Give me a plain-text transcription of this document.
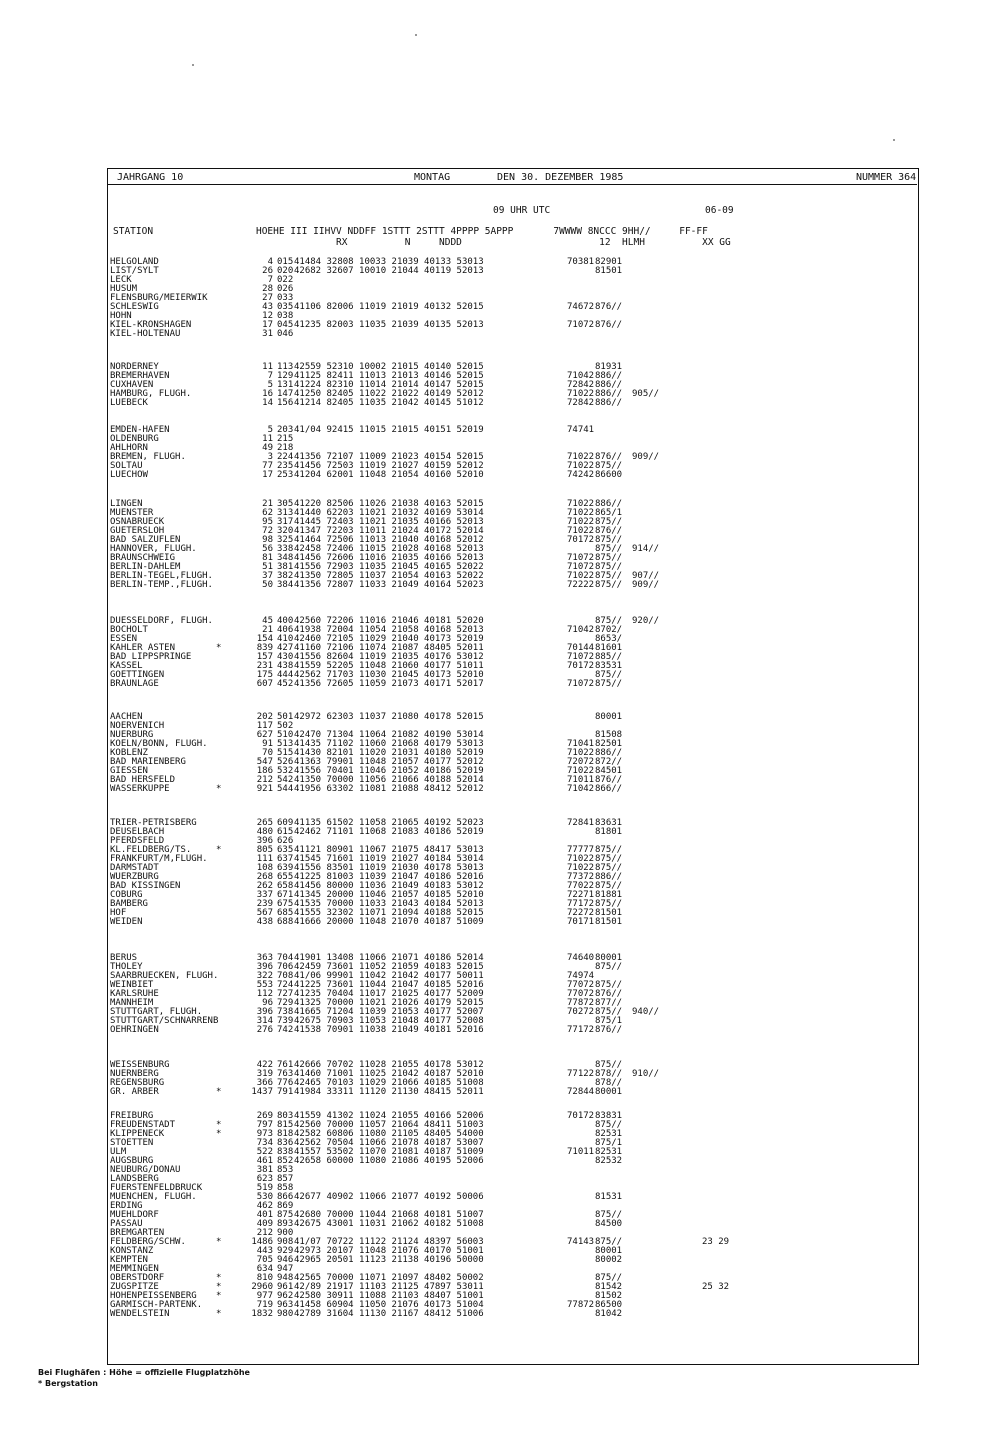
JAHRGANG 10	MONTAG	DEN 30. DEZEMBER 1985	NUMMER 364
09 UHR UTC	06-09
STATION                  HOEHE III IIHVV NDDFF 1STTT 2STTT 4PPPP 5APPP       7WWWW 8NCCC 9HH//     FF-FF
RX          N     NDDD                        12  HLMH          XX GG
HELGOLAND	4 015 41484 32808 10033 21039 40133 53013	70381 82901
LIST/SYLT	26 020 42682 32607 10010 21044 40119 52013	81501
LECK	7 022
HUSUM	28 026
FLENSBURG/MEIERWIK	27 033
SCHLESWIG	43 035 41106 82006 11019 21019 40132 52015	74672 876//
HOHN	12 038
KIEL-KRONSHAGEN	17 045 41235 82003 11035 21039 40135 52013	71072 876//
KIEL-HOLTENAU	31 046
NORDERNEY	11 113 42559 52310 10002 21015 40140 52015	81931
BREMERHAVEN	7 129 41125 82411 11013 21013 40146 52015	71042 886//
CUXHAVEN	5 131 41224 82310 11014 21014 40147 52015	72842 886//
HAMBURG, FLUGH.	16 147 41250 82405 11022 21022 40149 52012	71022 886// 905//
LUEBECK	14 156 41214 82405 11035 21042 40145 51012	72842 886//
EMDEN-HAFEN	5 203 41/04 92415 11015 21015 40151 52019	74741
OLDENBURG	11 215
AHLHORN	49 218
BREMEN, FLUGH.	3 224 41356 72107 11009 21023 40154 52015	71022 876// 909//
SOLTAU	77 235 41456 72503 11019 21027 40159 52012	71022 875//
LUECHOW	17 253 41204 62001 11048 21054 40160 52010	74242 86600
LINGEN	21 305 41220 82506 11026 21038 40163 52015	71022 886//
MUENSTER	62 313 41440 62203 11021 21032 40169 53014	71022 865/1
OSNABRUECK	95 317 41445 72403 11021 21035 40166 52013	71022 875//
GUETERSLOH	72 320 41347 72203 11011 21024 40172 52014	71022 876//
BAD SALZUFLEN	98 325 41464 72506 11013 21040 40168 52012	70172 875//
HANNOVER, FLUGH.	56 338 42458 72406 11015 21028 40168 52013	875// 914//
BRAUNSCHWEIG	81 348 41456 72606 11016 21035 40166 52013	71072 875//
BERLIN-DAHLEM	51 381 41556 72903 11035 21045 40165 52022	71072 875//
BERLIN-TEGEL,FLUGH.	37 382 41350 72805 11037 21054 40163 52022	71022 875// 907//
BERLIN-TEMP.,FLUGH.	50 384 41356 72807 11033 21049 40164 52023	72222 875// 909//
DUESSELDORF, FLUGH.	45 400 42560 72206 11016 21046 40181 52020	875// 920//
BOCHOLT	21 406 41938 72004 11054 21058 40168 52013	71042 8702/
ESSEN	154 410 42460 72105 11029 21040 40173 52019	8653/
KAHLER ASTEN	*	839 427 41160 72106 11074 21087 48405 52011	70144 81601
BAD LIPPSPRINGE	157 430 41556 82604 11019 21035 40176 53012	71072 885//
KASSEL	231 438 41559 52205 11048 21060 40177 51011	70172 83531
GOETTINGEN	175 444 42562 71703 11030 21045 40173 52010	875//
BRAUNLAGE	607 452 41356 72605 11059 21073 40171 52017	71072 875//
AACHEN	202 501 42972 62303 11037 21080 40178 52015	80001
NOERVENICH	117 502
NUERBURG	627 510 42470 71304 11064 21082 40190 53014	81508
KOELN/BONN, FLUGH.	91 513 41435 71102 11060 21068 40179 53013	71041 82501
KOBLENZ	70 515 41430 82101 11020 21031 40180 52019	71022 886//
BAD MARIENBERG	547 526 41363 79901 11048 21057 40177 52012	72072 872//
GIESSEN	186 532 41556 70401 11046 21052 40186 52019	71022 84501
BAD HERSFELD	212 542 41350 70000 11056 21066 40188 52014	71011 876//
WASSERKUPPE	*	921 544 41956 63302 11081 21088 48412 52012	71042 866//
TRIER-PETRISBERG	265 609 41135 61502 11058 21065 40192 52023	72841 83631
DEUSELBACH	480 615 42462 71101 11068 21083 40186 52019	81801
PFERDSFELD	396 626
KL.FELDBERG/TS.	*	805 635 41121 80901 11067 21075 48417 53013	77777 875//
FRANKFURT/M,FLUGH.	111 637 41545 71601 11019 21027 40184 53014	71022 875//
DARMSTADT	108 639 41556 83501 11019 21030 40178 53013	71022 875//
WUERZBURG	268 655 41225 81003 11039 21047 40186 52016	77372 886//
BAD KISSINGEN	262 658 41456 80000 11036 21049 40183 53012	77022 875//
COBURG	337 671 41345 20000 11046 21057 40185 52010	72271 81881
BAMBERG	239 675 41535 70000 11033 21043 40184 52013	77172 875//
HOF	567 685 41555 32302 11071 21094 40188 52015	72272 81501
WEIDEN	438 688 41666 20000 11048 21070 40187 51009	70171 81501
BERUS	363 704 41901 13408 11066 21071 40186 52014	74640 80001
THOLEY	396 706 42459 73601 11052 21059 40183 52015	875//
SAARBRUECKEN, FLUGH.	322 708 41/06 99901 11042 21042 40177 50011	74974
WEINBIET	553 724 41225 73601 11044 21047 40185 52016	77072 875//
KARLSRUHE	112 727 41235 70404 11017 21025 40177 52009	77072 876//
MANNHEIM	96 729 41325 70000 11021 21026 40179 52015	77872 877//
STUTTGART, FLUGH.	396 738 41665 71204 11039 21053 40177 52007	70272 875// 940//
STUTTGART/SCHNARRENB	314 739 42675 70903 11053 21048 40177 52008	875/1
OEHRINGEN	276 742 41538 70901 11038 21049 40181 52016	77172 876//
WEISSENBURG	422 761 42666 70702 11028 21055 40178 53012	875//
NUERNBERG	319 763 41460 71001 11025 21042 40187 52010	77122 878// 910//
REGENSBURG	366 776 42465 70103 11029 21066 40185 51008	878//
GR. ARBER	*	1437 791 41984 33311 11120 21130 48415 52011	72844 80001
FREIBURG	269 803 41559 41302 11024 21055 40166 52006	70172 83831
FREUDENSTADT	*	797 815 42560 70000 11057 21064 48411 51003	875//
KLIPPENECK	*	973 818 42582 60806 11080 21105 48405 54000	82531
STOETTEN	734 836 42562 70504 11066 21078 40187 53007	875/1
ULM	522 838 41557 53502 11070 21081 40187 51009	71011 82531
AUGSBURG	461 852 42658 60000 11080 21086 40195 52006	82532
NEUBURG/DONAU	381 853
LANDSBERG	623 857
FUERSTENFELDBRUCK	519 858
MUENCHEN, FLUGH.	530 866 42677 40902 11066 21077 40192 50006	81531
ERDING	462 869
MUEHLDORF	401 875 42680 70000 11044 21068 40181 51007	875//
PASSAU	409 893 42675 43001 11031 21062 40182 51008	84500
BREMGARTEN	212 900
FELDBERG/SCHW.	*	1486 908 41/07 70722 11122 21124 48397 56003	74143 875//	23 29
KONSTANZ	443 929 42973 20107 11048 21076 40170 51001	80001
KEMPTEN	705 946 42965 20501 11123 21138 40196 50000	80002
MEMMINGEN	634 947
OBERSTDORF	*	810 948 42565 70000 11071 21097 48402 50002	875//
ZUGSPITZE	*	2960 961 42/89 21917 11103 21125 47897 53011	81542	25 32
HOHENPEISSENBERG *	977 962 42580 30911 11088 21103 48407 51001	81502
GARMISCH-PARTENK.	719 963 41458 60904 11050 21076 40173 51004	77872 86500
WENDELSTEIN	*	1832 980 42789 31604 11130 21167 48412 51006	81042
Bei Flughäfen : Höhe = offizielle Flugplatzhöhe
* Bergstation
